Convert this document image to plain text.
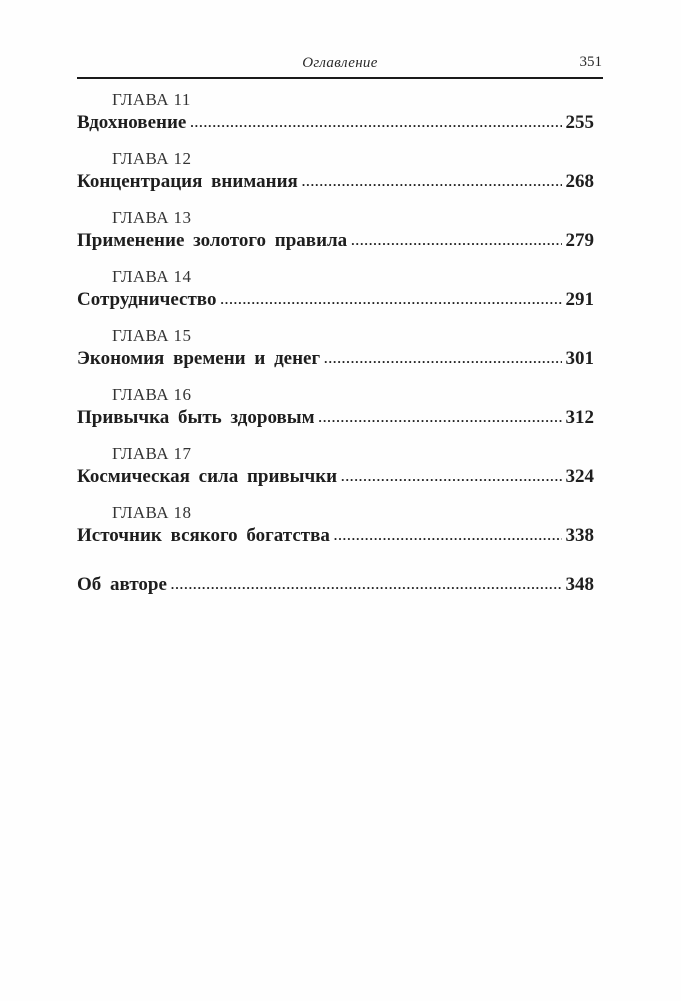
Оглавление	351
ГЛАВА 11
Вдохновение .....	255
ГЛАВА 12
Концентрация внимания .....	268
ГЛАВА 13
Применение золотого правила .....	279
ГЛАВА 14
Сотрудничество .....	291
ГЛАВА 15
Экономия времени и денег .....	301
ГЛАВА 16
Привычка быть здоровым .....	312
ГЛАВА 17
Космическая сила привычки .....	324
ГЛАВА 18
Источник всякого богатства .....	338
Об авторе .....	348
